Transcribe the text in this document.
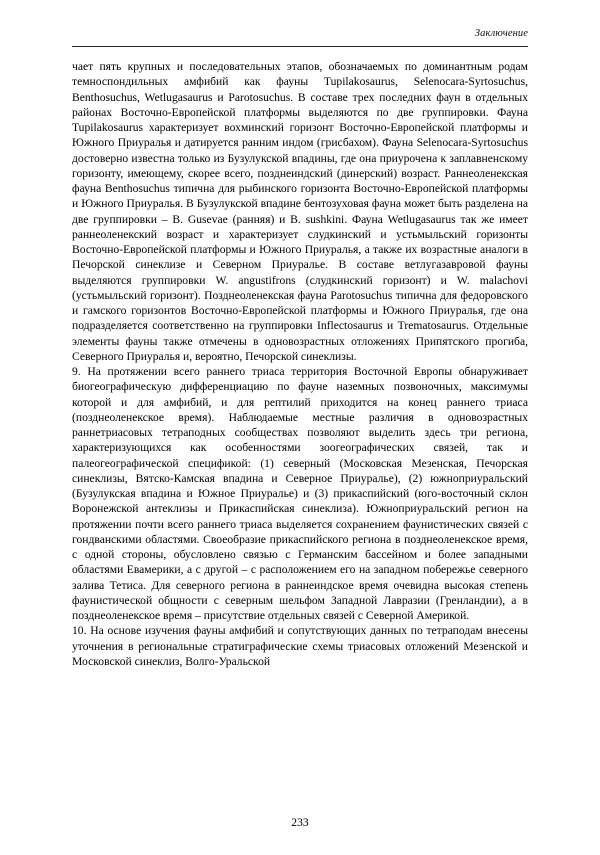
Заключение

чает пять крупных и последовательных этапов, обозначаемых по доминантным родам темноспондильных амфибий как фауны Tupilakosaurus, Selenocara-Syrtosuchus, Benthosuchus, Wetlugasaurus и Parotosuchus. В составе трех последних фаун в отдельных районах Восточно-Европейской платформы выделяются по две группировки. Фауна Tupilakosaurus характеризует вохминский горизонт Восточно-Европейской платформы и Южного Приуралья и датируется ранним индом (грисбахом). Фауна Selenocara-Syrtosuchus достоверно известна только из Бузулукской впадины, где она приурочена к заплавненскому горизонту, имеющему, скорее всего, позднеиндский (динерский) возраст. Раннеоленекская фауна Benthosuchus типична для рыбинского горизонта Восточно-Европейской платформы и Южного Приуралья. В Бузулукской впадине бентозуховая фауна может быть разделена на две группировки – B. Gusevae (ранняя) и B. sushkini. Фауна Wetlugasaurus так же имеет раннеоленекский возраст и характеризует слудкинский и устьмыльский горизонты Восточно-Европейской платформы и Южного Приуралья, а также их возрастные аналоги в Печорской синеклизе и Северном Приуралье. В составе ветлугазавровой фауны выделяются группировки W. angustifrons (слудкинский горизонт) и W. malachovi (устьмыльский горизонт). Позднеоленекская фауна Parotosuchus типична для федоровского и гамского горизонтов Восточно-Европейской платформы и Южного Приуралья, где она подразделяется соответственно на группировки Inflectosaurus и Trematosaurus. Отдельные элементы фауны также отмечены в одновозрастных отложениях Припятского прогиба, Северного Приуралья и, вероятно, Печорской синеклизы.

9. На протяжении всего раннего триаса территория Восточной Европы обнаруживает биогеографическую дифференциацию по фауне наземных позвоночных, максимумы которой и для амфибий, и для рептилий приходится на конец раннего триаса (позднеоленекское время). Наблюдаемые местные различия в одновозрастных раннетриасовых тетраподных сообществах позволяют выделить здесь три региона, характеризующихся как особенностями зоогеографических связей, так и палеогеографической спецификой: (1) северный (Московская Мезенская, Печорская синеклизы, Вятско-Камская впадина и Северное Приуралье), (2) южноприуральский (Бузулукская впадина и Южное Приуралье) и (3) прикаспийский (юго-восточный склон Воронежской антеклизы и Прикаспийская синеклиза). Южноприуральский регион на протяжении почти всего раннего триаса выделяется сохранением фаунистических связей с гондванскими областями. Своеобразие прикаспийского региона в позднеоленекское время, с одной стороны, обусловлено связью с Германским бассейном и более западными областями Евамерики, а с другой – с расположением его на западном побережье северного залива Тетиса. Для северного региона в раннеиндское время очевидна высокая степень фаунистической общности с северным шельфом Западной Лавразии (Гренландии), а в позднеоленекское время – присутствие отдельных связей с Северной Америкой.

10. На основе изучения фауны амфибий и сопутствующих данных по тетраподам внесены уточнения в региональные стратиграфические схемы триасовых отложений Мезенской и Московской синеклиз, Волго-Уральской

233
